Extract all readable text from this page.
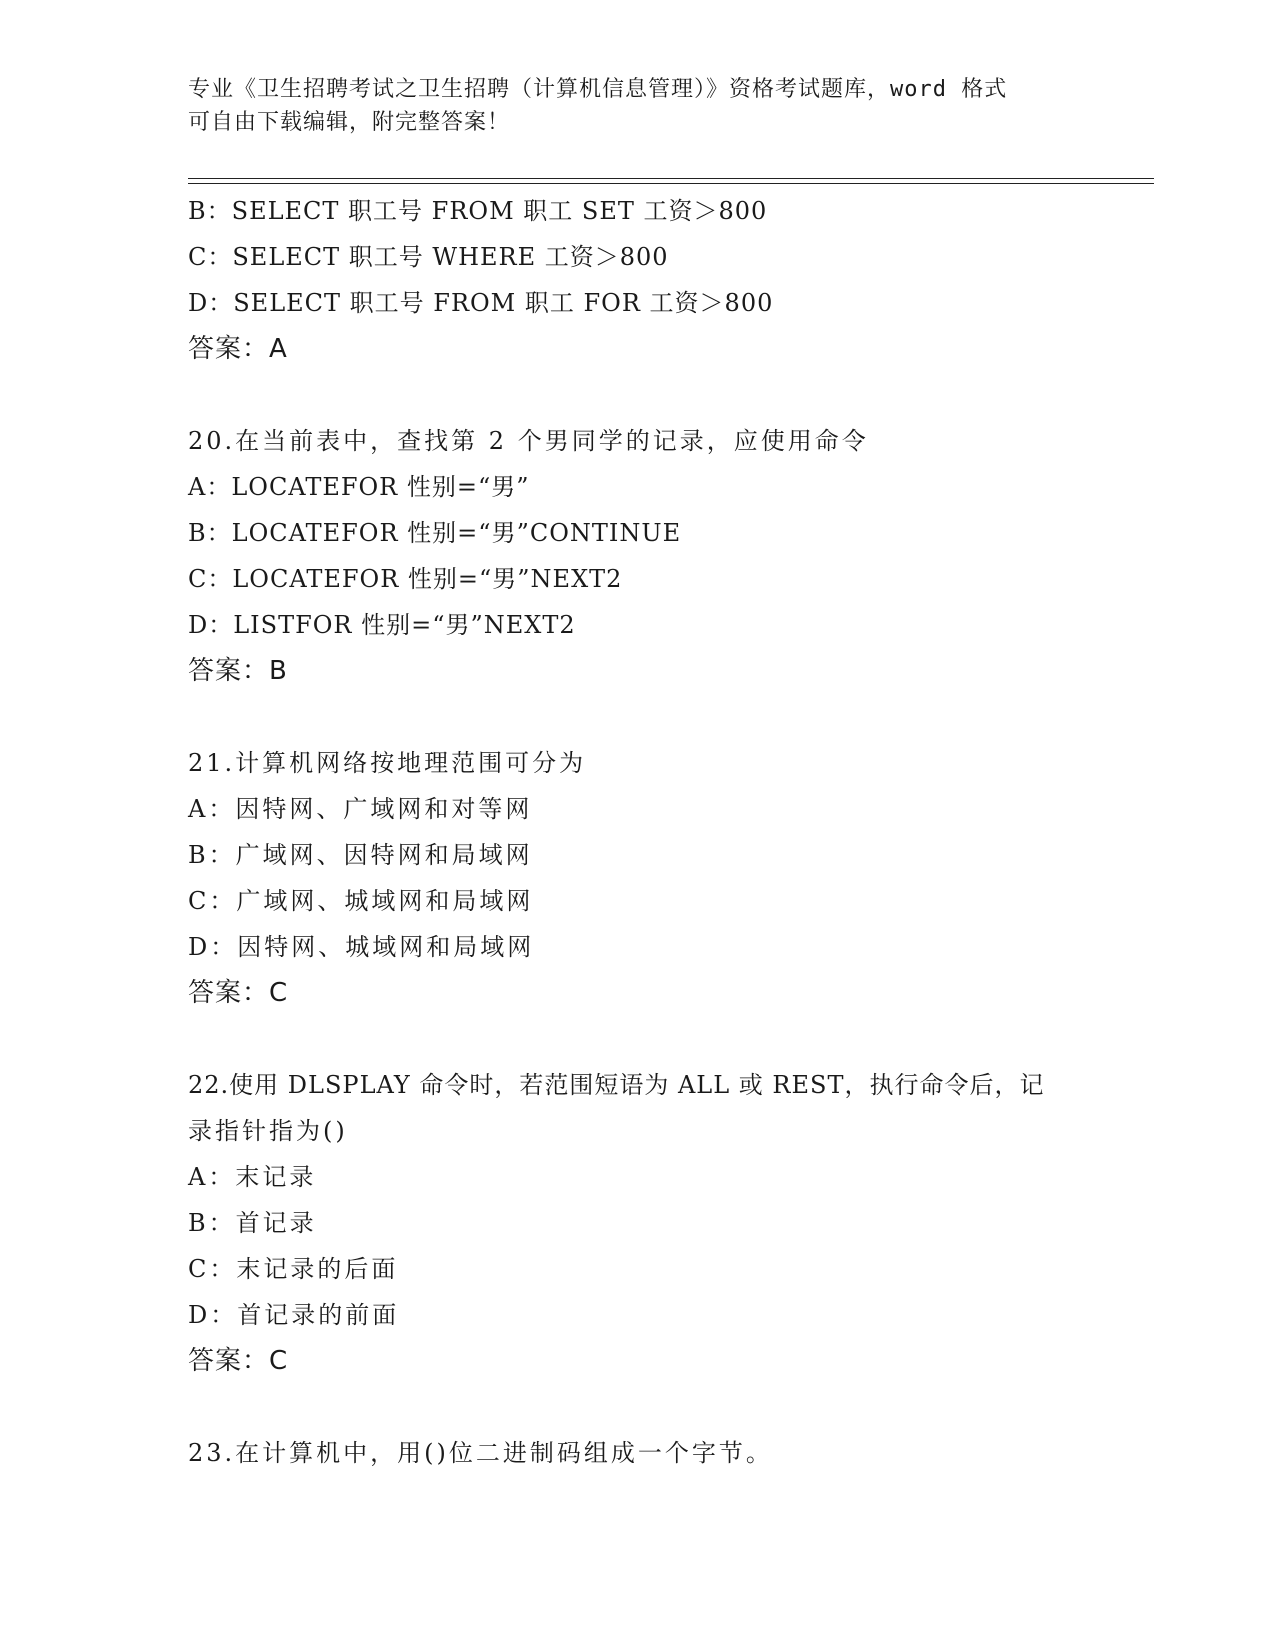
专业《卫生招聘考试之卫生招聘（计算机信息管理）》资格考试题库，word 格式
可自由下载编辑，附完整答案！
B：SELECT 职工号 FROM 职工 SET 工资＞800
C：SELECT 职工号 WHERE 工资＞800
D：SELECT 职工号 FROM 职工 FOR 工资＞800
答案：A
20.在当前表中，查找第 2 个男同学的记录，应使用命令
A：LOCATEFOR 性别=“男”
B：LOCATEFOR 性别=“男”CONTINUE
C：LOCATEFOR 性别=“男”NEXT2
D：LISTFOR 性别=“男”NEXT2
答案：B
21.计算机网络按地理范围可分为
A：因特网、广域网和对等网
B：广域网、因特网和局域网
C：广域网、城域网和局域网
D：因特网、城域网和局域网
答案：C
22.使用 DLSPLAY 命令时，若范围短语为 ALL 或 REST，执行命令后，记
录指针指为()
A：末记录
B：首记录
C：末记录的后面
D：首记录的前面
答案：C
23.在计算机中，用()位二进制码组成一个字节。
